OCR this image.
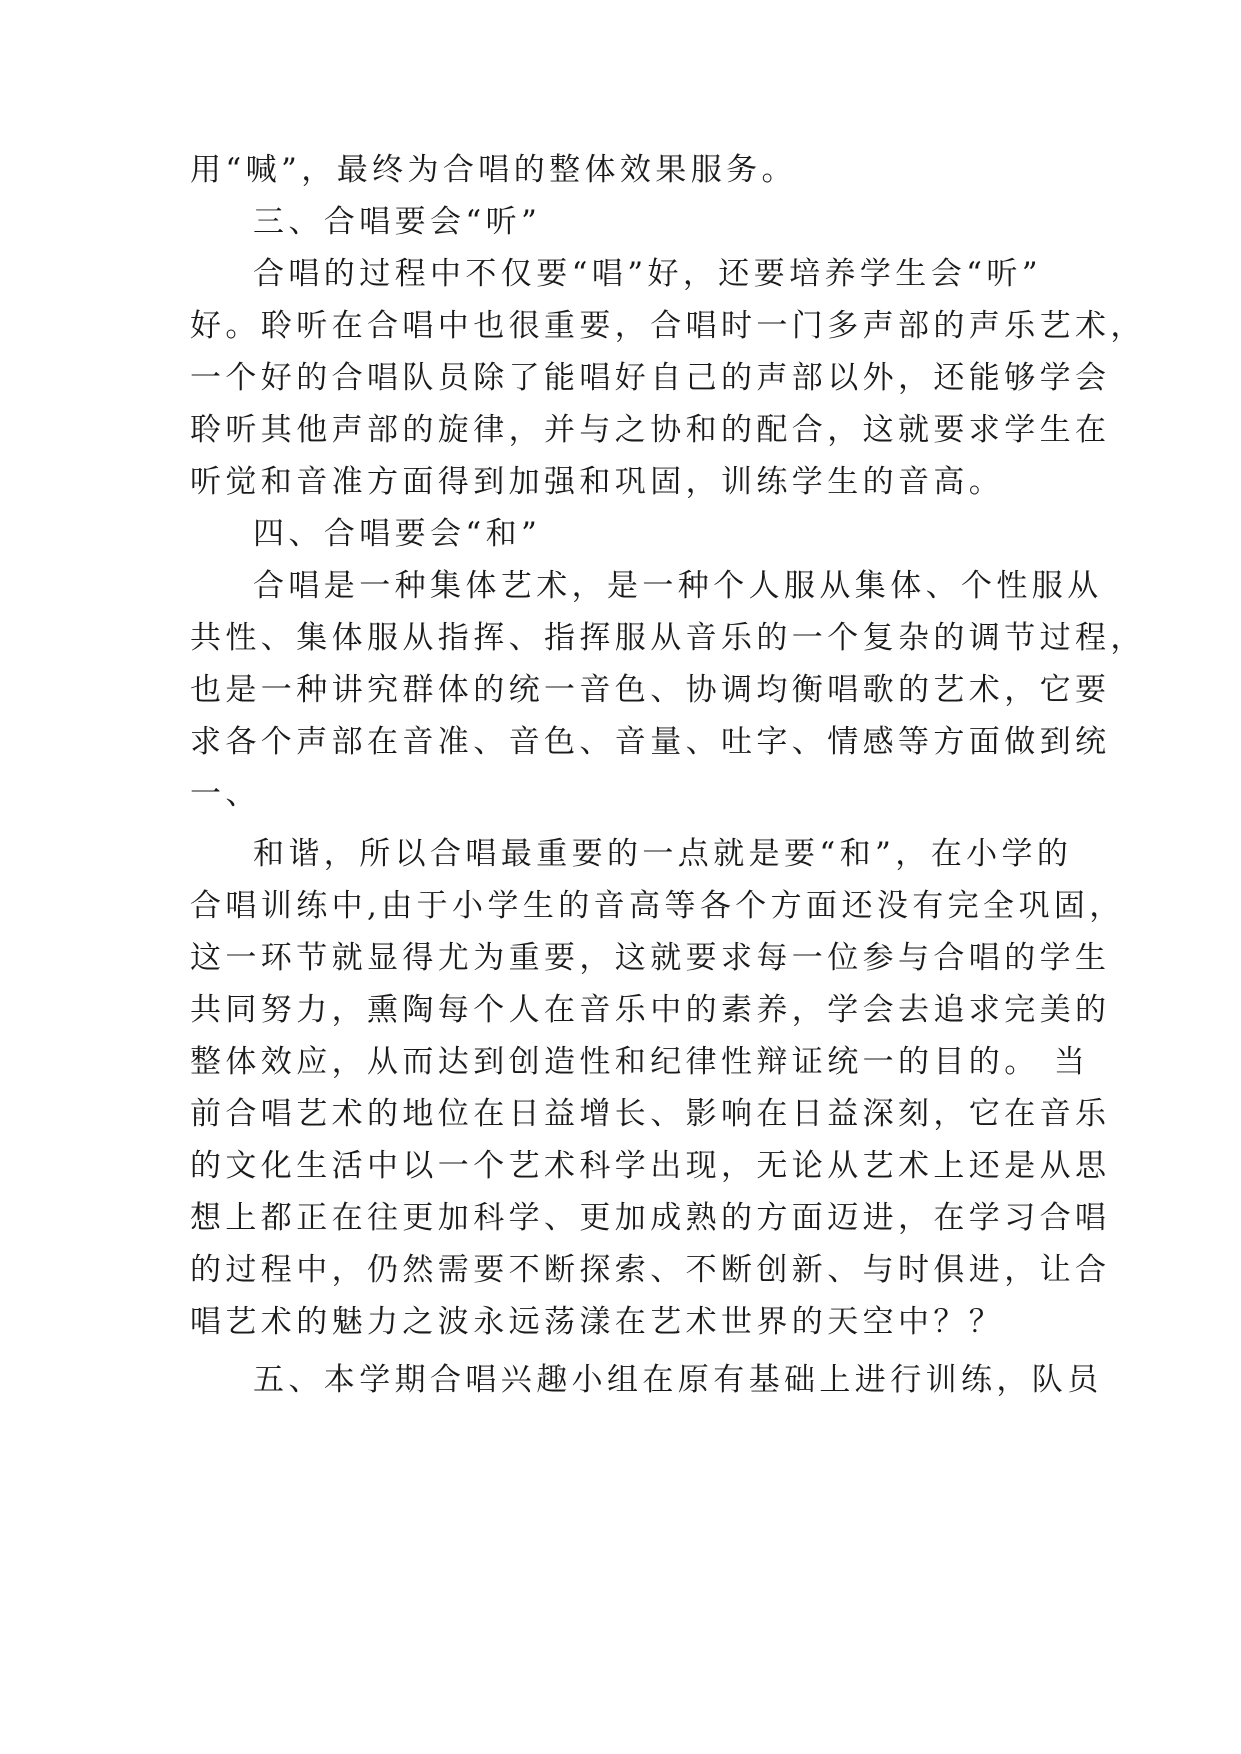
用“喊”，最终为合唱的整体效果服务。
三、合唱要会“听”
合唱的过程中不仅要“唱”好，还要培养学生会“听”
好。聆听在合唱中也很重要，合唱时一门多声部的声乐艺术，
一个好的合唱队员除了能唱好自己的声部以外，还能够学会
聆听其他声部的旋律，并与之协和的配合，这就要求学生在
听觉和音准方面得到加强和巩固，训练学生的音高。
四、合唱要会“和”
合唱是一种集体艺术，是一种个人服从集体、个性服从
共性、集体服从指挥、指挥服从音乐的一个复杂的调节过程，
也是一种讲究群体的统一音色、协调均衡唱歌的艺术，它要
求各个声部在音准、音色、音量、吐字、情感等方面做到统
一、
和谐，所以合唱最重要的一点就是要“和”，在小学的
合唱训练中,由于小学生的音高等各个方面还没有完全巩固，
这一环节就显得尤为重要，这就要求每一位参与合唱的学生
共同努力，熏陶每个人在音乐中的素养，学会去追求完美的
整体效应，从而达到创造性和纪律性辩证统一的目的。 当
前合唱艺术的地位在日益增长、影响在日益深刻，它在音乐
的文化生活中以一个艺术科学出现，无论从艺术上还是从思
想上都正在往更加科学、更加成熟的方面迈进，在学习合唱
的过程中，仍然需要不断探索、不断创新、与时俱进，让合
唱艺术的魅力之波永远荡漾在艺术世界的天空中？？
五、本学期合唱兴趣小组在原有基础上进行训练，队员
